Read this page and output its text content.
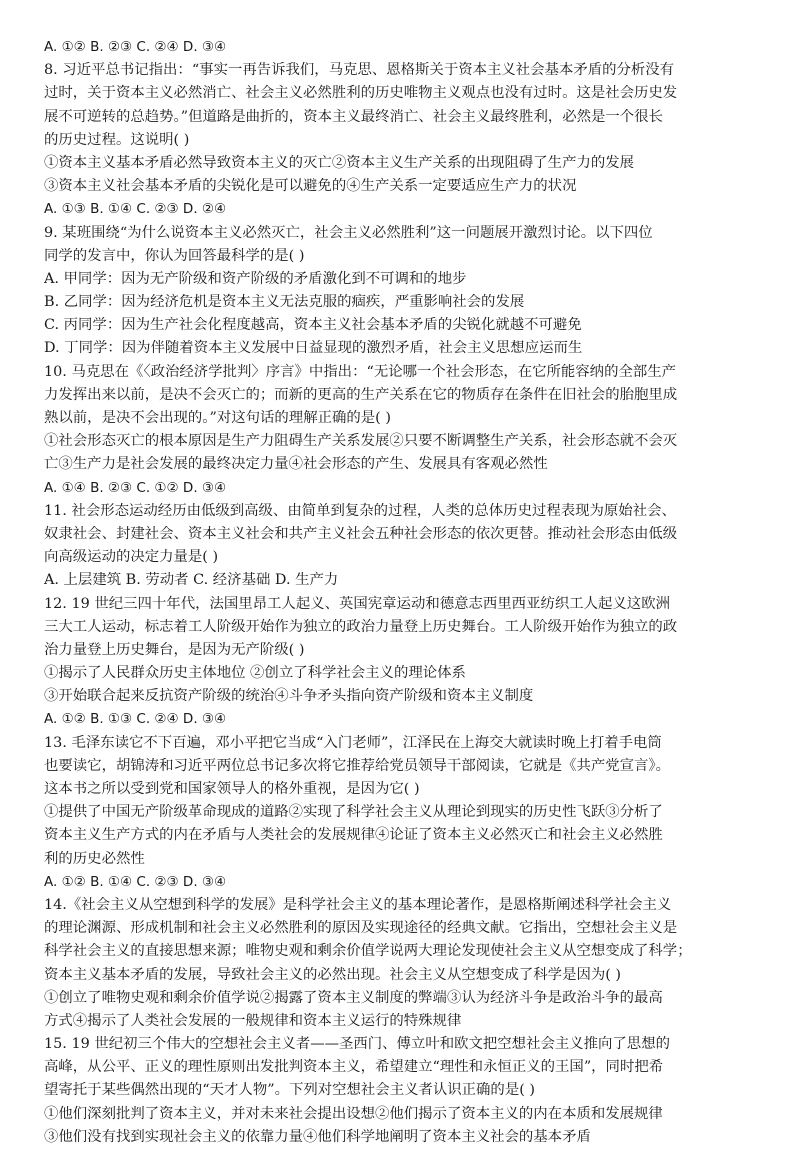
A. ①② B. ②③ C. ②④ D. ③④
8. 习近平总书记指出：“事实一再告诉我们，马克思、恩格斯关于资本主义社会基本矛盾的分析没有
过时，关于资本主义必然消亡、社会主义必然胜利的历史唯物主义观点也没有过时。这是社会历史发
展不可逆转的总趋势。”但道路是曲折的，资本主义最终消亡、社会主义最终胜利，必然是一个很长
的历史过程。这说明( )
①资本主义基本矛盾必然导致资本主义的灭亡②资本主义生产关系的出现阻碍了生产力的发展
③资本主义社会基本矛盾的尖锐化是可以避免的④生产关系一定要适应生产力的状况
A. ①③ B. ①④ C. ②③ D. ②④
9. 某班围绕“为什么说资本主义必然灭亡，社会主义必然胜利”这一问题展开激烈讨论。以下四位
同学的发言中，你认为回答最科学的是( )
A. 甲同学：因为无产阶级和资产阶级的矛盾激化到不可调和的地步
B. 乙同学：因为经济危机是资本主义无法克服的痼疾，严重影响社会的发展
C. 丙同学：因为生产社会化程度越高，资本主义社会基本矛盾的尖锐化就越不可避免
D. 丁同学：因为伴随着资本主义发展中日益显现的激烈矛盾，社会主义思想应运而生
10. 马克思在《〈政治经济学批判〉序言》中指出：“无论哪一个社会形态，在它所能容纳的全部生产
力发挥出来以前，是决不会灭亡的；而新的更高的生产关系在它的物质存在条件在旧社会的胎胞里成
熟以前，是决不会出现的。”对这句话的理解正确的是( )
①社会形态灭亡的根本原因是生产力阻碍生产关系发展②只要不断调整生产关系，社会形态就不会灭
亡③生产力是社会发展的最终决定力量④社会形态的产生、发展具有客观必然性
A. ①④ B. ②③ C. ①② D. ③④
11. 社会形态运动经历由低级到高级、由简单到复杂的过程，人类的总体历史过程表现为原始社会、
奴隶社会、封建社会、资本主义社会和共产主义社会五种社会形态的依次更替。推动社会形态由低级
向高级运动的决定力量是( )
A. 上层建筑 B. 劳动者 C. 经济基础 D. 生产力
12. 19 世纪三四十年代，法国里昂工人起义、英国宪章运动和德意志西里西亚纺织工人起义这欧洲
三大工人运动，标志着工人阶级开始作为独立的政治力量登上历史舞台。工人阶级开始作为独立的政
治力量登上历史舞台，是因为无产阶级( )
①揭示了人民群众历史主体地位 ②创立了科学社会主义的理论体系
③开始联合起来反抗资产阶级的统治④斗争矛头指向资产阶级和资本主义制度
A. ①② B. ①③ C. ②④ D. ③④
13. 毛泽东读它不下百遍，邓小平把它当成“入门老师”，江泽民在上海交大就读时晚上打着手电筒
也要读它，胡锦涛和习近平两位总书记多次将它推荐给党员领导干部阅读，它就是《共产党宣言》。
这本书之所以受到党和国家领导人的格外重视，是因为它( )
①提供了中国无产阶级革命现成的道路②实现了科学社会主义从理论到现实的历史性飞跃③分析了
资本主义生产方式的内在矛盾与人类社会的发展规律④论证了资本主义必然灭亡和社会主义必然胜
利的历史必然性
A. ①② B. ①④ C. ②③ D. ③④
14.《社会主义从空想到科学的发展》是科学社会主义的基本理论著作，是恩格斯阐述科学社会主义
的理论渊源、形成机制和社会主义必然胜利的原因及实现途径的经典文献。它指出，空想社会主义是
科学社会主义的直接思想来源；唯物史观和剩余价值学说两大理论发现使社会主义从空想变成了科学；
资本主义基本矛盾的发展，导致社会主义的必然出现。社会主义从空想变成了科学是因为( )
①创立了唯物史观和剩余价值学说②揭露了资本主义制度的弊端③认为经济斗争是政治斗争的最高
方式④揭示了人类社会发展的一般规律和资本主义运行的特殊规律
15. 19 世纪初三个伟大的空想社会主义者——圣西门、傅立叶和欧文把空想社会主义推向了思想的
高峰，从公平、正义的理性原则出发批判资本主义，希望建立“理性和永恒正义的王国”，同时把希
望寄托于某些偶然出现的“天才人物”。下列对空想社会主义者认识正确的是( )
①他们深刻批判了资本主义，并对未来社会提出设想②他们揭示了资本主义的内在本质和发展规律
③他们没有找到实现社会主义的依靠力量④他们科学地阐明了资本主义社会的基本矛盾
